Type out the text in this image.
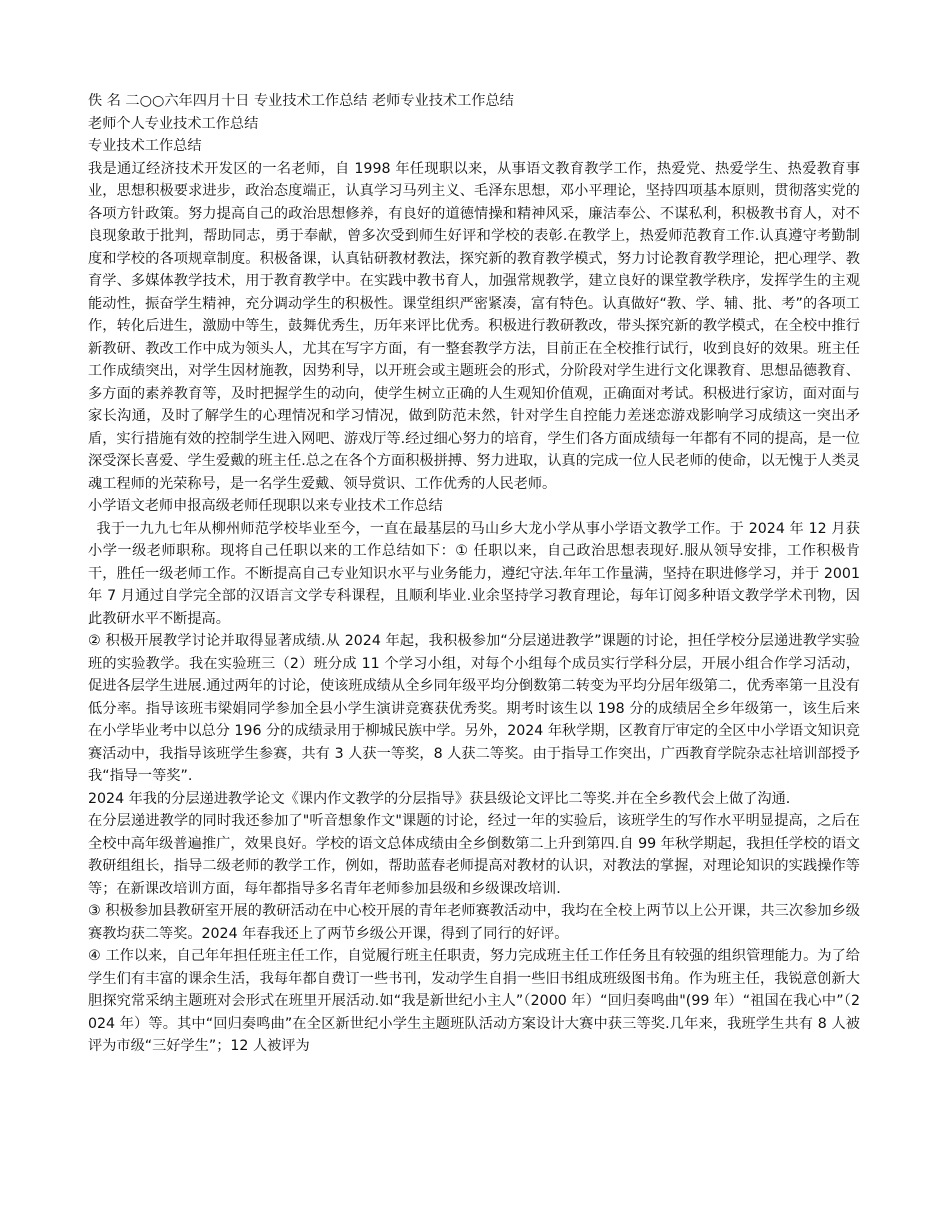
佚 名 二○○六年四月十日 专业技术工作总结 老师专业技术工作总结

老师个人专业技术工作总结

专业技术工作总结

我是通辽经济技术开发区的一名老师，自 1998 年任现职以来，从事语文教育教学工作，热爱党、热爱学生、热爱教育事业，思想积极要求进步，政治态度端正，认真学习马列主义、毛泽东思想，邓小平理论，坚持四项基本原则，贯彻落实党的各项方针政策。努力提高自己的政治思想修养，有良好的道德情操和精神风采，廉洁奉公、不谋私利，积极教书育人，对不良现象敢于批判，帮助同志，勇于奉献，曾多次受到师生好评和学校的表彰.在教学上，热爱师范教育工作.认真遵守考勤制度和学校的各项规章制度。积极备课，认真钻研教材教法，探究新的教育教学模式，努力讨论教育教学理论，把心理学、教育学、多媒体教学技术，用于教育教学中。在实践中教书育人，加强常规教学，建立良好的课堂教学秩序，发挥学生的主观能动性，振奋学生精神，充分调动学生的积极性。课堂组织严密紧凑，富有特色。认真做好“教、学、辅、批、考”的各项工作，转化后进生，激励中等生，鼓舞优秀生，历年来评比优秀。积极进行教研教改，带头探究新的教学模式，在全校中推行新教研、教改工作中成为领头人，尤其在写字方面，有一整套教学方法，目前正在全校推行试行，收到良好的效果。班主任工作成绩突出，对学生因材施教，因势利导，以开班会或主题班会的形式，分阶段对学生进行文化课教育、思想品德教育、多方面的素养教育等，及时把握学生的动向，使学生树立正确的人生观知价值观，正确面对考试。积极进行家访，面对面与家长沟通，及时了解学生的心理情况和学习情况，做到防范未然，针对学生自控能力差迷恋游戏影响学习成绩这一突出矛盾，实行措施有效的控制学生进入网吧、游戏厅等.经过细心努力的培育，学生们各方面成绩每一年都有不同的提高，是一位深受深长喜爱、学生爱戴的班主任.总之在各个方面积极拼搏、努力进取，认真的完成一位人民老师的使命，以无愧于人类灵魂工程师的光荣称号，是一名学生爱戴、领导赏识、工作优秀的人民老师。

小学语文老师申报高级老师任现职以来专业技术工作总结

我于一九九七年从柳州师范学校毕业至今，一直在最基层的马山乡大龙小学从事小学语文教学工作。于 2024 年 12 月获小学一级老师职称。现将自己任职以来的工作总结如下：① 任职以来，自己政治思想表现好.服从领导安排，工作积极肯干，胜任一级老师工作。不断提高自己专业知识水平与业务能力，遵纪守法.年年工作量满，坚持在职进修学习，并于 2001 年 7 月通过自学完全部的汉语言文学专科课程，且顺利毕业.业余坚持学习教育理论，每年订阅多种语文教学学术刊物，因此教研水平不断提高。

② 积极开展教学讨论并取得显著成绩.从 2024 年起，我积极参加“分层递进教学”课题的讨论，担任学校分层递进教学实验班的实验教学。我在实验班三（2）班分成 11 个学习小组，对每个小组每个成员实行学科分层，开展小组合作学习活动，促进各层学生进展.通过两年的讨论，使该班成绩从全乡同年级平均分倒数第二转变为平均分居年级第二，优秀率第一且没有低分率。指导该班韦梁娟同学参加全县小学生演讲竞赛获优秀奖。期考时该生以 198 分的成绩居全乡年级第一，该生后来在小学毕业考中以总分 196 分的成绩录用于柳城民族中学。另外，2024 年秋学期，区教育厅审定的全区中小学语文知识竞赛活动中，我指导该班学生参赛，共有 3 人获一等奖，8 人获二等奖。由于指导工作突出，广西教育学院杂志社培训部授予我“指导一等奖”.

2024 年我的分层递进教学论文《课内作文教学的分层指导》获县级论文评比二等奖.并在全乡教代会上做了沟通.

在分层递进教学的同时我还参加了"听音想象作文"课题的讨论，经过一年的实验后，该班学生的写作水平明显提高，之后在全校中高年级普遍推广，效果良好。学校的语文总体成绩由全乡倒数第二上升到第四.自 99 年秋学期起，我担任学校的语文教研组组长，指导二级老师的教学工作，例如，帮助蓝春老师提高对教材的认识，对教法的掌握，对理论知识的实践操作等等；在新课改培训方面，每年都指导多名青年老师参加县级和乡级课改培训.

③ 积极参加县教研室开展的教研活动在中心校开展的青年老师赛教活动中，我均在全校上两节以上公开课，共三次参加乡级赛教均获二等奖。2024 年春我还上了两节乡级公开课，得到了同行的好评。

④ 工作以来，自己年年担任班主任工作，自觉履行班主任职责，努力完成班主任工作任务且有较强的组织管理能力。为了给学生们有丰富的课余生活，我每年都自费订一些书刊，发动学生自捐一些旧书组成班级图书角。作为班主任，我锐意创新大胆探究常采纳主题班对会形式在班里开展活动.如“我是新世纪小主人”（2000 年）“回归奏鸣曲"(99 年）“祖国在我心中”（2024 年）等。其中“回归奏鸣曲”在全区新世纪小学生主题班队活动方案设计大赛中获三等奖.几年来，我班学生共有 8 人被评为市级“三好学生”；12 人被评为
